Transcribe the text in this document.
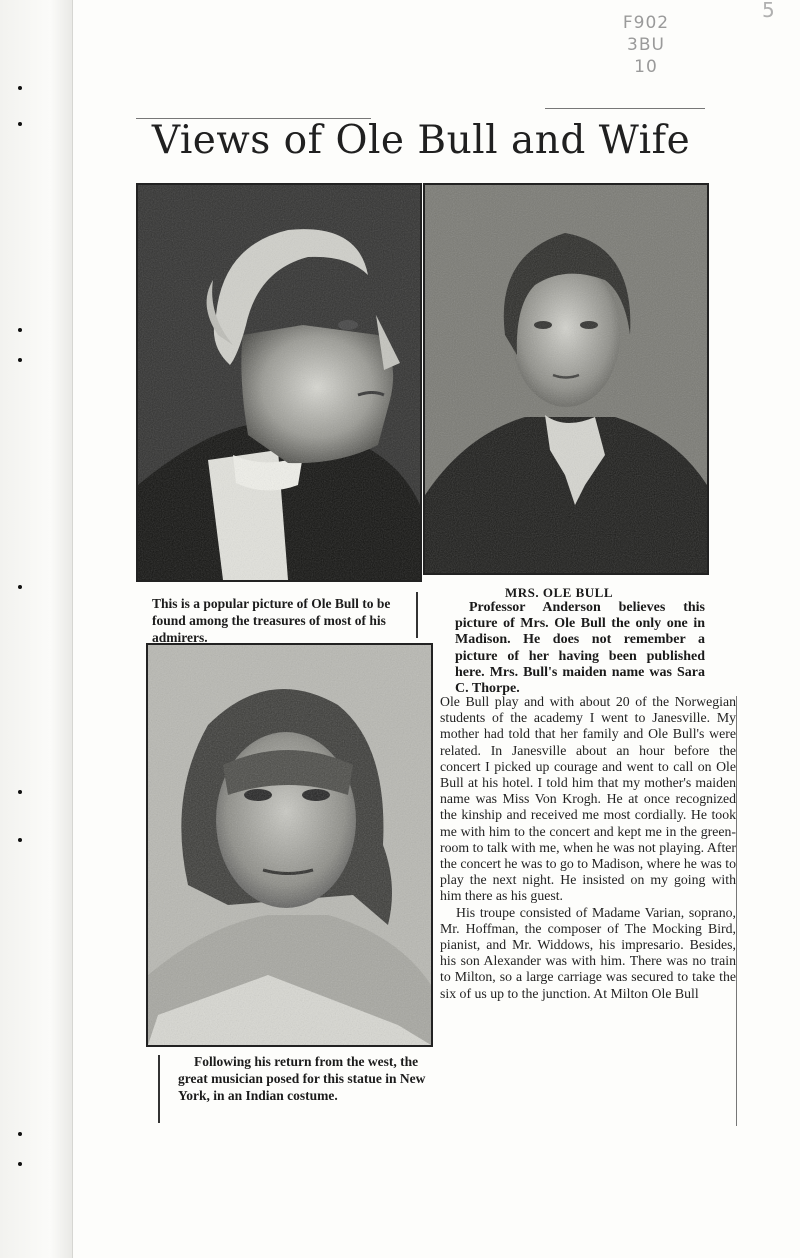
F902
3BU
10
5
Views of Ole Bull and Wife
This is a popular picture of Ole Bull to be found among the treasures of most of his admirers.
Following his return from the west, the great musician posed for this statue in New York, in an Indian costume.
MRS. OLE BULL
Professor Anderson believes this picture of Mrs. Ole Bull the only one in Madison. He does not remember a picture of her having been published here. Mrs. Bull's maiden name was Sara C. Thorpe.

Ole Bull play and with about 20 of the Norwegian students of the academy I went to Janesville. My mother had told that her family and Ole Bull's were related. In Janesville about an hour before the concert I picked up courage and went to call on Ole Bull at his hotel. I told him that my mother's maiden name was Miss Von Krogh. He at once recognized the kinship and received me most cordially. He took me with him to the concert and kept me in the green-room to talk with me, when he was not playing. After the concert he was to go to Madison, where he was to play the next night. He insisted on my going with him there as his guest.

His troupe consisted of Madame Varian, soprano, Mr. Hoffman, the composer of The Mocking Bird, pianist, and Mr. Widdows, his impresario. Besides, his son Alexander was with him. There was no train to Milton, so a large carriage was secured to take the six of us up to the junction. At Milton Ole Bull
